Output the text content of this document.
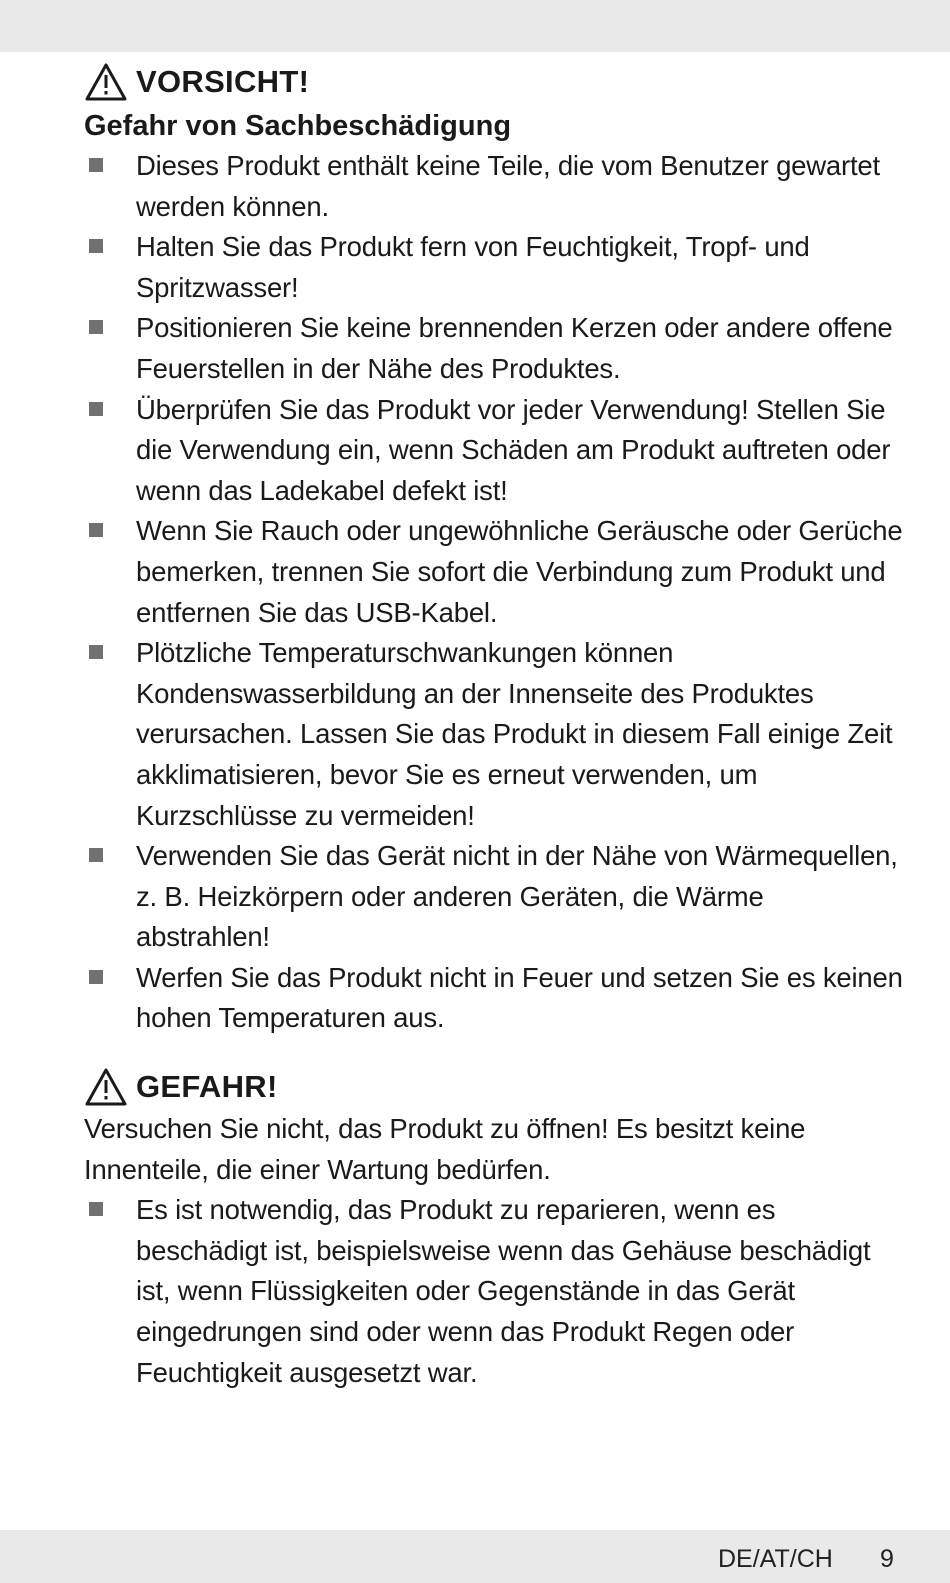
VORSICHT!
Gefahr von Sachbeschädigung
Dieses Produkt enthält keine Teile, die vom Benutzer gewartet werden können.
Halten Sie das Produkt fern von Feuchtigkeit, Tropf- und Spritzwasser!
Positionieren Sie keine brennenden Kerzen oder andere offene Feuerstellen in der Nähe des Produktes.
Überprüfen Sie das Produkt vor jeder Verwendung! Stellen Sie die Verwendung ein, wenn Schäden am Produkt auftreten oder wenn das Ladekabel defekt ist!
Wenn Sie Rauch oder ungewöhnliche Geräusche oder Gerüche bemerken, trennen Sie sofort die Verbindung zum Produkt und entfernen Sie das USB-Kabel.
Plötzliche Temperaturschwankungen können Kondenswasserbildung an der Innenseite des Produktes verursachen. Lassen Sie das Produkt in diesem Fall einige Zeit akklimatisieren, bevor Sie es erneut verwenden, um Kurzschlüsse zu vermeiden!
Verwenden Sie das Gerät nicht in der Nähe von Wärmequellen, z. B. Heizkörpern oder anderen Geräten, die Wärme abstrahlen!
Werfen Sie das Produkt nicht in Feuer und setzen Sie es keinen hohen Temperaturen aus.
GEFAHR!
Versuchen Sie nicht, das Produkt zu öffnen! Es besitzt keine Innenteile, die einer Wartung bedürfen.
Es ist notwendig, das Produkt zu reparieren, wenn es beschädigt ist, beispielsweise wenn das Gehäuse beschädigt ist, wenn Flüssigkeiten oder Gegenstände in das Gerät eingedrungen sind oder wenn das Produkt Regen oder Feuchtigkeit ausgesetzt war.
DE/AT/CH 9
